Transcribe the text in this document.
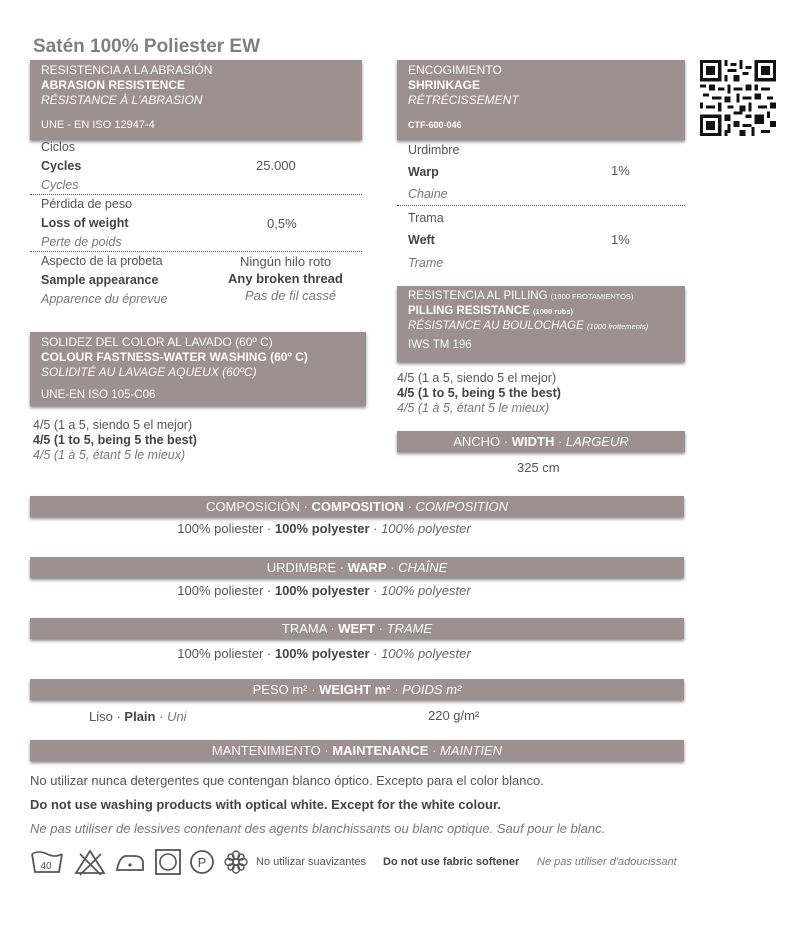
Satén 100% Poliester EW
RESISTENCIA A LA ABRASIÓN
ABRASION RESISTENCE
RÉSISTANCE À L'ABRASION
UNE - EN ISO 12947-4
Ciclos
Cycles
Cycles
25.000
Pérdida de peso
Loss of weight
Perte de poids
0,5%
Aspecto de la probeta
Sample appearance
Apparence du éprevue
Ningún hilo roto
Any broken thread
Pas de fil cassé
SOLIDEZ DEL COLOR AL LAVADO (60º C)
COLOUR FASTNESS-WATER WASHING (60º C)
SOLIDITÉ AU LAVAGE AQUEUX (60ºC)
UNE-EN ISO 105-C06
4/5 (1 a 5, siendo 5 el mejor)
4/5 (1 to 5, being 5 the best)
4/5 (1 à 5, étant 5 le mieux)
ENCOGIMIENTO
SHRINKAGE
RÉTRÉCISSEMENT
CTF-600-046
Urdimbre
Warp
Chaine
1%
Trama
Weft
Trame
1%
RESISTENCIA AL PILLING (1000 FROTAMIENTOS)
PILLING RESISTANCE (1000 rubs)
RÉSISTANCE AU BOULOCHAGE (1000 frottements)
IWS TM 196
4/5 (1 a 5, siendo 5 el mejor)
4/5 (1 to 5, being 5 the best)
4/5 (1 à 5, étant 5 le mieux)
ANCHO · WIDTH · LARGEUR
325 cm
COMPOSICIÓN · COMPOSITION · COMPOSITION
100% poliester · 100% polyester · 100% polyester
URDIMBRE · WARP · CHAÎNE
100% poliester · 100% polyester · 100% polyester
TRAMA · WEFT · TRAME
100% poliester · 100% polyester · 100% polyester
PESO m² · WEIGHT m² · POIDS m²
Liso · Plain · Uni	220 g/m²
MANTENIMIENTO · MAINTENANCE · MAINTIEN
No utilizar nunca detergentes que contengan blanco óptico. Excepto para el color blanco.
Do not use washing products with optical white. Except for the white colour.
Ne pas utiliser de lessives contenant des agents blanchissants ou blanc optique. Sauf pour le blanc.
40	P	No utilizar suavizantes Do not use fabric softener Ne pas utiliser d'adoucissant
